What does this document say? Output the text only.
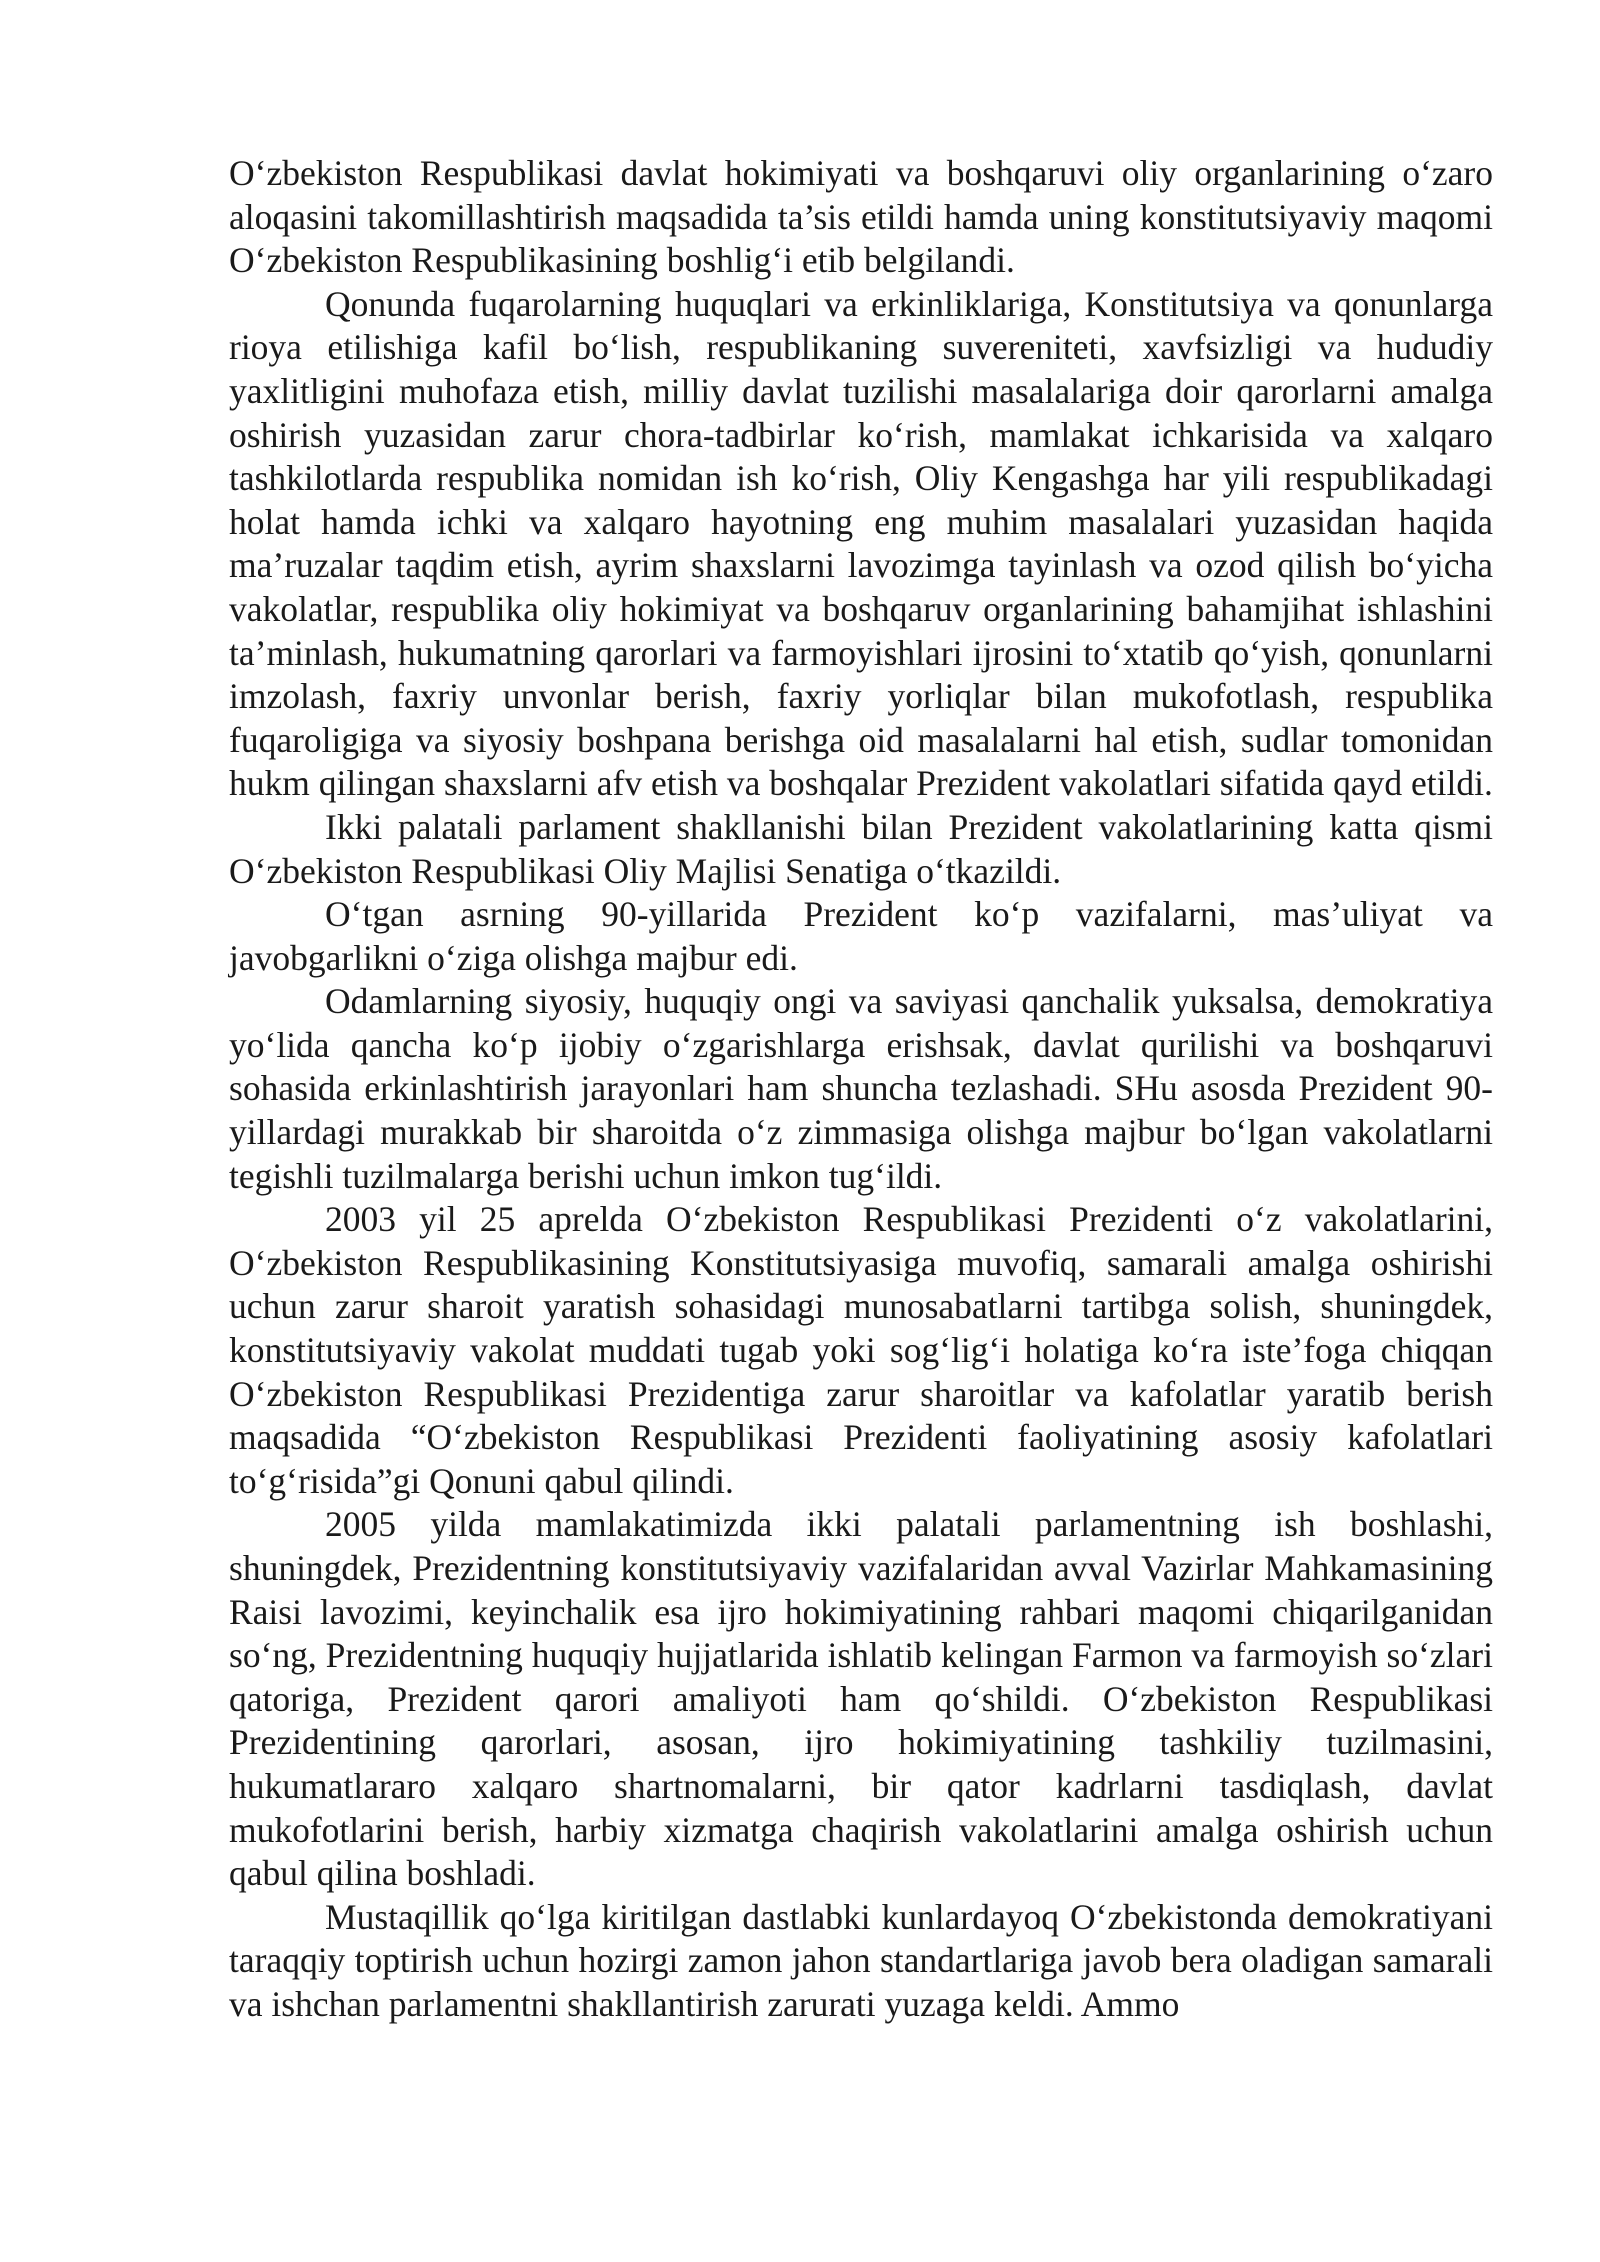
O‘zbekiston Respublikasi davlat hokimiyati va boshqaruvi oliy organlarining o‘zaro aloqasini takomillashtirish maqsadida ta’sis etildi hamda uning konstitutsiyaviy maqomi O‘zbekiston Respublikasining boshlig‘i etib belgilandi.

Qonunda fuqarolarning huquqlari va erkinliklariga, Konstitutsiya va qonunlarga rioya etilishiga kafil bo‘lish, respublikaning suvereniteti, xavfsizligi va hududiy yaxlitligini muhofaza etish, milliy davlat tuzilishi masalalariga doir qarorlarni amalga oshirish yuzasidan zarur chora-tadbirlar ko‘rish, mamlakat ichkarisida va xalqaro tashkilotlarda respublika nomidan ish ko‘rish, Oliy Kengashga har yili respublikadagi holat hamda ichki va xalqaro hayotning eng muhim masalalari yuzasidan haqida ma’ruzalar taqdim etish, ayrim shaxslarni lavozimga tayinlash va ozod qilish bo‘yicha vakolatlar, respublika oliy hokimiyat va boshqaruv organlarining bahamjihat ishlashini ta’minlash, hukumatning qarorlari va farmoyishlari ijrosini to‘xtatib qo‘yish, qonunlarni imzolash, faxriy unvonlar berish, faxriy yorliqlar bilan mukofotlash, respublika fuqaroligiga va siyosiy boshpana berishga oid masalalarni hal etish, sudlar tomonidan hukm qilingan shaxslarni afv etish va boshqalar Prezident vakolatlari sifatida qayd etildi.

Ikki palatali parlament shakllanishi bilan Prezident vakolatlarining katta qismi O‘zbekiston Respublikasi Oliy Majlisi Senatiga o‘tkazildi.

O‘tgan asrning 90-yillarida Prezident ko‘p vazifalarni, mas’uliyat va javobgarlikni o‘ziga olishga majbur edi.

Odamlarning siyosiy, huquqiy ongi va saviyasi qanchalik yuksalsa, demokratiya yo‘lida qancha ko‘p ijobiy o‘zgarishlarga erishsak, davlat qurilishi va boshqaruvi sohasida erkinlashtirish jarayonlari ham shuncha tezlashadi. SHu asosda Prezident 90-yillardagi murakkab bir sharoitda o‘z zimmasiga olishga majbur bo‘lgan vakolatlarni tegishli tuzilmalarga berishi uchun imkon tug‘ildi.

2003 yil 25 aprelda O‘zbekiston Respublikasi Prezidenti o‘z vakolatlarini, O‘zbekiston Respublikasining Konstitutsiyasiga muvofiq, samarali amalga oshirishi uchun zarur sharoit yaratish sohasidagi munosabatlarni tartibga solish, shuningdek, konstitutsiyaviy vakolat muddati tugab yoki sog‘lig‘i holatiga ko‘ra iste’foga chiqqan O‘zbekiston Respublikasi Prezidentiga zarur sharoitlar va kafolatlar yaratib berish maqsadida “O‘zbekiston Respublikasi Prezidenti faoliyatining asosiy kafolatlari to‘g‘risida”gi Qonuni qabul qilindi.

2005 yilda mamlakatimizda ikki palatali parlamentning ish boshlashi, shuningdek, Prezidentning konstitutsiyaviy vazifalaridan avval Vazirlar Mahkamasining Raisi lavozimi, keyinchalik esa ijro hokimiyatining rahbari maqomi chiqarilganidan so‘ng, Prezidentning huquqiy hujjatlarida ishlatib kelingan Farmon va farmoyish so‘zlari qatoriga, Prezident qarori amaliyoti ham qo‘shildi. O‘zbekiston Respublikasi Prezidentining qarorlari, asosan, ijro hokimiyatining tashkiliy tuzilmasini, hukumatlararo xalqaro shartnomalarni, bir qator kadrlarni tasdiqlash, davlat mukofotlarini berish, harbiy xizmatga chaqirish vakolatlarini amalga oshirish uchun qabul qilina boshladi.

Mustaqillik qo‘lga kiritilgan dastlabki kunlardayoq O‘zbekistonda demokratiyani taraqqiy toptirish uchun hozirgi zamon jahon standartlariga javob bera oladigan samarali va ishchan parlamentni shakllantirish zarurati yuzaga keldi. Ammo
